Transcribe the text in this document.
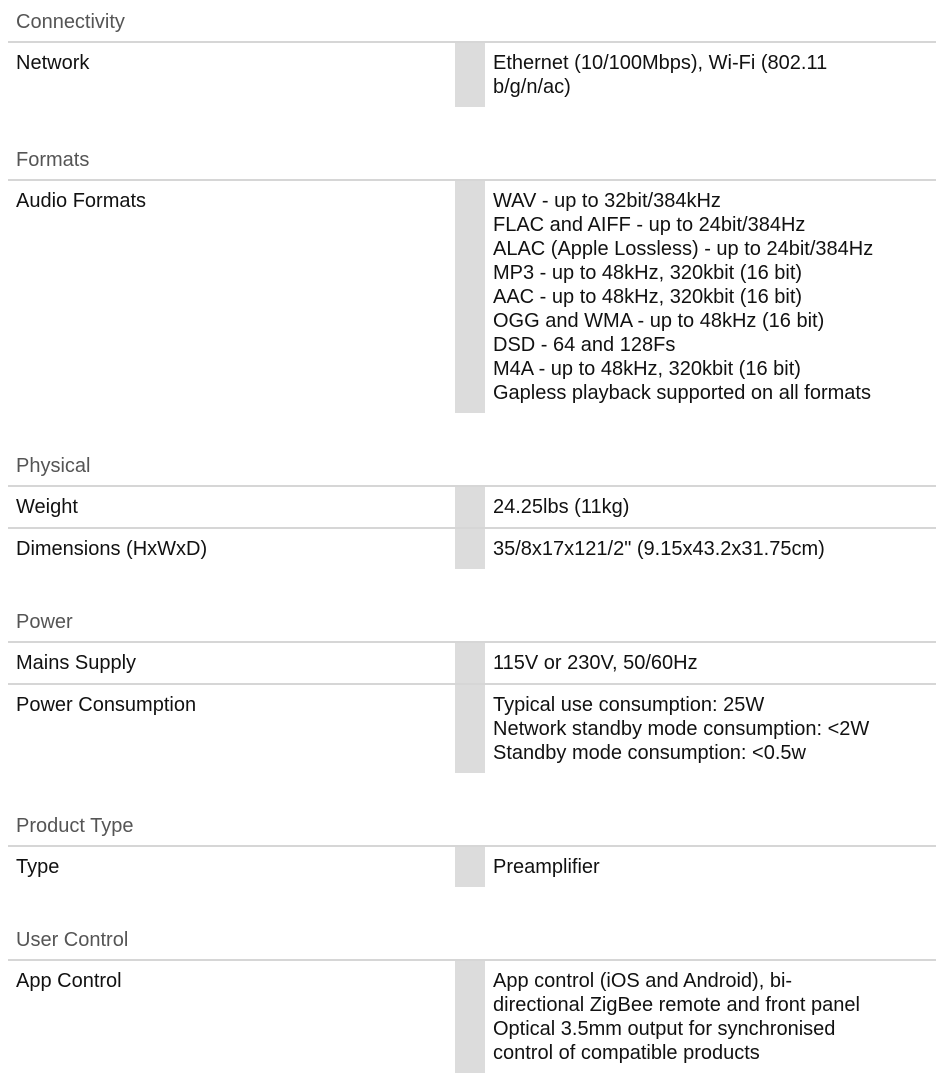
Connectivity
Network	Ethernet (10/100Mbps), Wi-Fi (802.11
b/g/n/ac)
Formats
Audio Formats	WAV - up to 32bit/384kHz
FLAC and AIFF - up to 24bit/384Hz
ALAC (Apple Lossless) - up to 24bit/384Hz
MP3 - up to 48kHz, 320kbit (16 bit)
AAC - up to 48kHz, 320kbit (16 bit)
OGG and WMA - up to 48kHz (16 bit)
DSD - 64 and 128Fs
M4A - up to 48kHz, 320kbit (16 bit)
Gapless playback supported on all formats
Physical
Weight	24.25lbs (11kg)
Dimensions (HxWxD)	35/8x17x121/2" (9.15x43.2x31.75cm)
Power
Mains Supply	115V or 230V, 50/60Hz
Power Consumption	Typical use consumption: 25W
Network standby mode consumption: <2W
Standby mode consumption: <0.5w
Product Type
Type	Preamplifier
User Control
App Control	App control (iOS and Android), bi-
directional ZigBee remote and front panel
Optical 3.5mm output for synchronised
control of compatible products
